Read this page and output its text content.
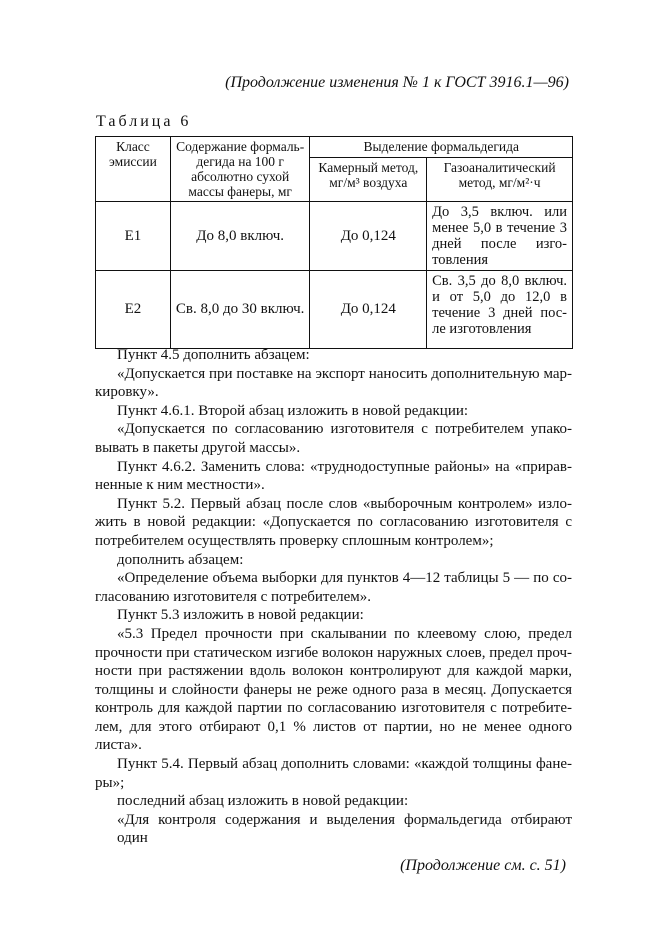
(Продолжение изменения № 1 к ГОСТ 3916.1—96)
Таблица 6
Класс эмиссии	Содержание формаль- дегида на 100 г абсолютно сухой массы фанеры, мг	Выделение формальдегида	
		Камерный метод, мг/м³ воздуха	Газоаналитический метод, мг/м²·ч
E1	До 8,0 включ.	До 0,124	До 3,5 включ. или менее 5,0 в течение 3 дней после изго- товления
E2	Св. 8,0 до 30 включ.	До 0,124	Св. 3,5 до 8,0 включ. и от 5,0 до 12,0 в течение 3 дней пос- ле изготовления
Пункт 4.5 дополнить абзацем:
«Допускается при поставке на экспорт наносить дополнительную мар-
кировку».
Пункт 4.6.1. Второй абзац изложить в новой редакции:
«Допускается по согласованию изготовителя с потребителем упако-
вывать в пакеты другой массы».
Пункт 4.6.2. Заменить слова: «труднодоступные районы» на «прирав-
ненные к ним местности».
Пункт 5.2. Первый абзац после слов «выборочным контролем» изло-
жить в новой редакции: «Допускается по согласованию изготовителя с
потребителем осуществлять проверку сплошным контролем»;
дополнить абзацем:
«Определение объема выборки для пунктов 4—12 таблицы 5 — по со-
гласованию изготовителя с потребителем».
Пункт 5.3 изложить в новой редакции:
«5.3 Предел прочности при скалывании по клеевому слою, предел
прочности при статическом изгибе волокон наружных слоев, предел проч-
ности при растяжении вдоль волокон контролируют для каждой марки,
толщины и слойности фанеры не реже одного раза в месяц. Допускается
контроль для каждой партии по согласованию изготовителя с потребите-
лем, для этого отбирают 0,1 % листов от партии, но не менее одного
листа».
Пункт 5.4. Первый абзац дополнить словами: «каждой толщины фане-
ры»;
последний абзац изложить в новой редакции:
«Для контроля содержания и выделения формальдегида отбирают один
(Продолжение см. с. 51)
